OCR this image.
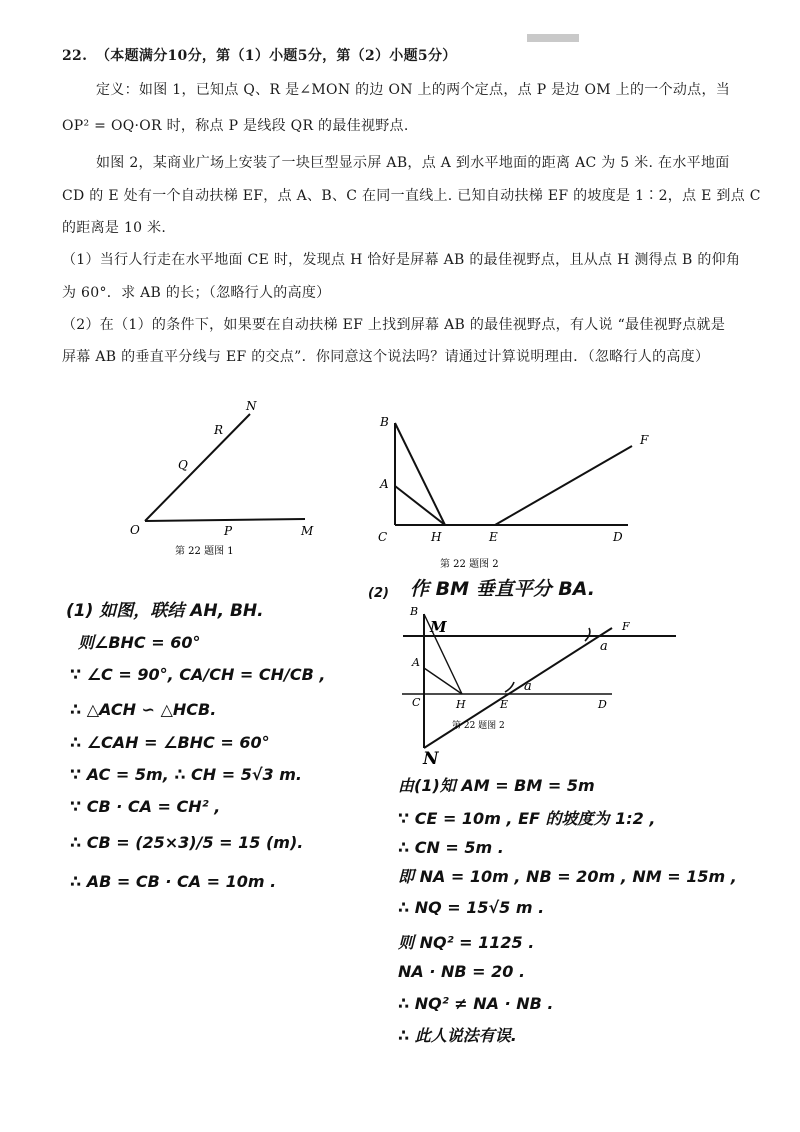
22. （本题满分10分，第（1）小题5分，第（2）小题5分）
定义：如图 1，已知点 Q、R 是∠MON 的边 ON 上的两个定点，点 P 是边 OM 上的一个动点，当
OP² = OQ·OR 时，称点 P 是线段 QR 的最佳视野点.
如图 2，某商业广场上安装了一块巨型显示屏 AB，点 A 到水平地面的距离 AC 为 5 米. 在水平地面
CD 的 E 处有一个自动扶梯 EF，点 A、B、C 在同一直线上. 已知自动扶梯 EF 的坡度是 1∶2，点 E 到点 C
的距离是 10 米.
（1）当行人行走在水平地面 CE 时，发现点 H 恰好是屏幕 AB 的最佳视野点，且从点 H 测得点 B 的仰角
为 60°．求 AB 的长；（忽略行人的高度）
（2）在（1）的条件下，如果要在自动扶梯 EF 上找到屏幕 AB 的最佳视野点，有人说 “最佳视野点就是
屏幕 AB 的垂直平分线与 EF 的交点”．你同意这个说法吗？请通过计算说明理由．（忽略行人的高度）
N
R
Q
O	P	M
第 22 题图 1
B
A
C	H	E	D
F
第 22 题图 2
(1) 如图，联结 AH, BH.
则∠BHC = 60°
∵ ∠C = 90°, CA/CH = CH/CB ,
∴ △ACH ∽ △HCB.
∴ ∠CAH = ∠BHC = 60°
∵ AC = 5m, ∴ CH = 5√3 m.
∵ CB · CA = CH² ,
∴ CB = (25×3)/5 = 15 (m).
∴ AB = CB · CA = 10m .
(2) 作 BM 垂直平分 BA.
B
M
A
C	H	E	D
F
N
a
a
第 22 题图 2
由(1)知 AM = BM = 5m
∵ CE = 10m , EF 的坡度为 1:2 ,
∴ CN = 5m .
即 NA = 10m , NB = 20m , NM = 15m ,
∴ NQ = 15√5 m .
则 NQ² = 1125 .
NA · NB = 20 .
∴ NQ² ≠ NA · NB .
∴ 此人说法有误.
